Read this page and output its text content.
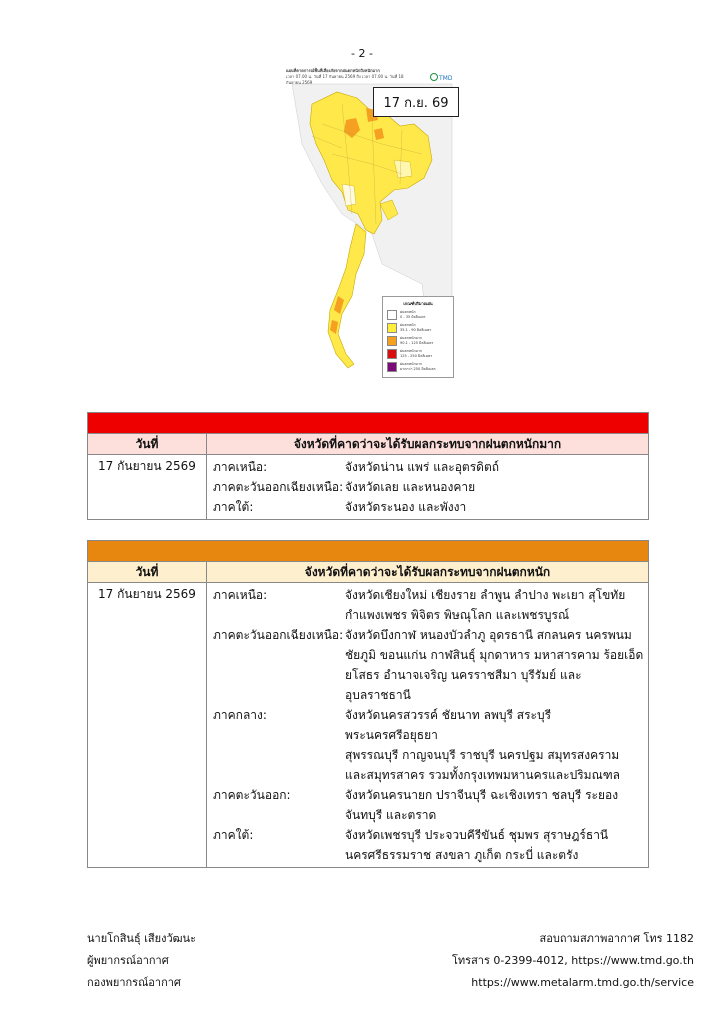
- 2 -
แผนที่คาดการณ์พื้นที่เสี่ยงภัยจากฝนตกหนักถึงหนักมาก
เวลา 07.00 น. วันที่ 17 กันยายน 2569 ถึง เวลา 07.00 น. วันที่ 18 กันยายน 2569
TMD
เกณฑ์ปริมาณฝน
ฝนตกหนัก
0 - 35 มิลลิเมตร
ฝนตกหนัก
35.1 - 90 มิลลิเมตร
ฝนตกหนักมาก
90.1 - 125 มิลลิเมตร
ฝนตกหนักมาก
125 - 250 มิลลิเมตร
ฝนตกหนักมาก
มากกว่า 250 มิลลิเมตร
17 ก.ย. 69
วันที่	จังหวัดที่คาดว่าจะได้รับผลกระทบจากฝนตกหนักมาก
17 กันยายน 2569	ภาคเหนือ:	จังหวัดน่าน แพร่ และอุตรดิตถ์
ภาคตะวันออกเฉียงเหนือ: จังหวัดเลย และหนองคาย
ภาคใต้:	จังหวัดระนอง และพังงา
วันที่	จังหวัดที่คาดว่าจะได้รับผลกระทบจากฝนตกหนัก
17 กันยายน 2569	ภาคเหนือ:	จังหวัดเชียงใหม่ เชียงราย ลำพูน ลำปาง พะเยา สุโขทัย
กำแพงเพชร พิจิตร พิษณุโลก และเพชรบูรณ์
ภาคตะวันออกเฉียงเหนือ: จังหวัดบึงกาฬ หนองบัวลำภู อุดรธานี สกลนคร นครพนม
ชัยภูมิ ขอนแก่น กาฬสินธุ์ มุกดาหาร มหาสารคาม ร้อยเอ็ด
ยโสธร อำนาจเจริญ นครราชสีมา บุรีรัมย์ และอุบลราชธานี
ภาคกลาง:	จังหวัดนครสวรรค์ ชัยนาท ลพบุรี สระบุรี พระนครศรีอยุธยา
สุพรรณบุรี กาญจนบุรี ราชบุรี นครปฐม สมุทรสงคราม
และสมุทรสาคร รวมทั้งกรุงเทพมหานครและปริมณฑล
ภาคตะวันออก:	จังหวัดนครนายก ปราจีนบุรี ฉะเชิงเทรา ชลบุรี ระยอง
จันทบุรี และตราด
ภาคใต้:	จังหวัดเพชรบุรี ประจวบคีรีขันธ์ ชุมพร สุราษฎร์ธานี
นครศรีธรรมราช สงขลา ภูเก็ต กระบี่ และตรัง
นายโกสินธุ์ เสียงวัฒนะ
ผู้พยากรณ์อากาศ
กองพยากรณ์อากาศ
สอบถามสภาพอากาศ โทร 1182
โทรสาร 0-2399-4012, https://www.tmd.go.th
https://www.metalarm.tmd.go.th/service
